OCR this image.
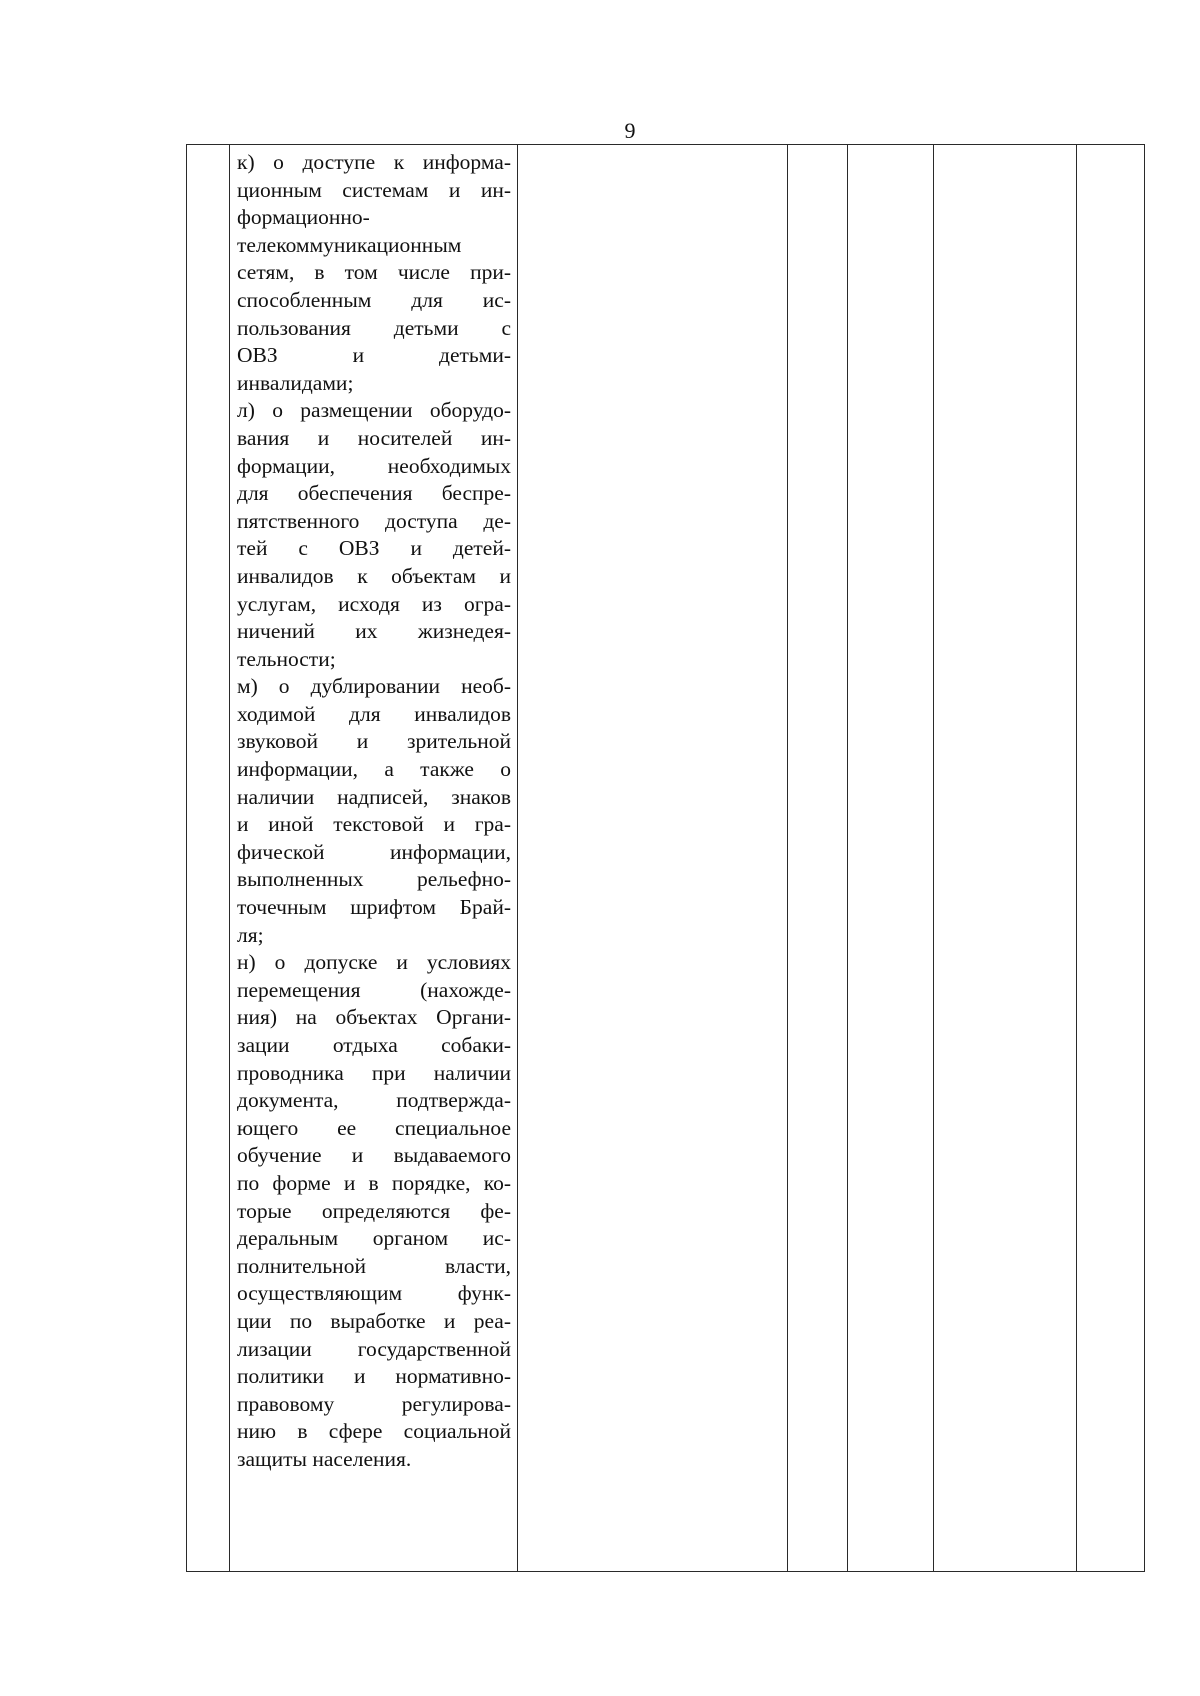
9
к) о доступе к информа-
ционным системам и ин-
формационно-
телекоммуникационным
сетям, в том числе при-
способленным для ис-
пользования детьми с
ОВЗ и детьми-
инвалидами;
л) о размещении оборудо-
вания и носителей ин-
формации, необходимых
для обеспечения беспре-
пятственного доступа де-
тей с ОВЗ и детей-
инвалидов к объектам и
услугам, исходя из огра-
ничений их жизнедея-
тельности;
м) о дублировании необ-
ходимой для инвалидов
звуковой и зрительной
информации, а также о
наличии надписей, знаков
и иной текстовой и гра-
фической информации,
выполненных рельефно-
точечным шрифтом Брай-
ля;
н) о допуске и условиях
перемещения (нахожде-
ния) на объектах Органи-
зации отдыха собаки-
проводника при наличии
документа, подтвержда-
ющего ее специальное
обучение и выдаваемого
по форме и в порядке, ко-
торые определяются фе-
деральным органом ис-
полнительной власти,
осуществляющим функ-
ции по выработке и реа-
лизации государственной
политики и нормативно-
правовому регулирова-
нию в сфере социальной
защиты населения.
